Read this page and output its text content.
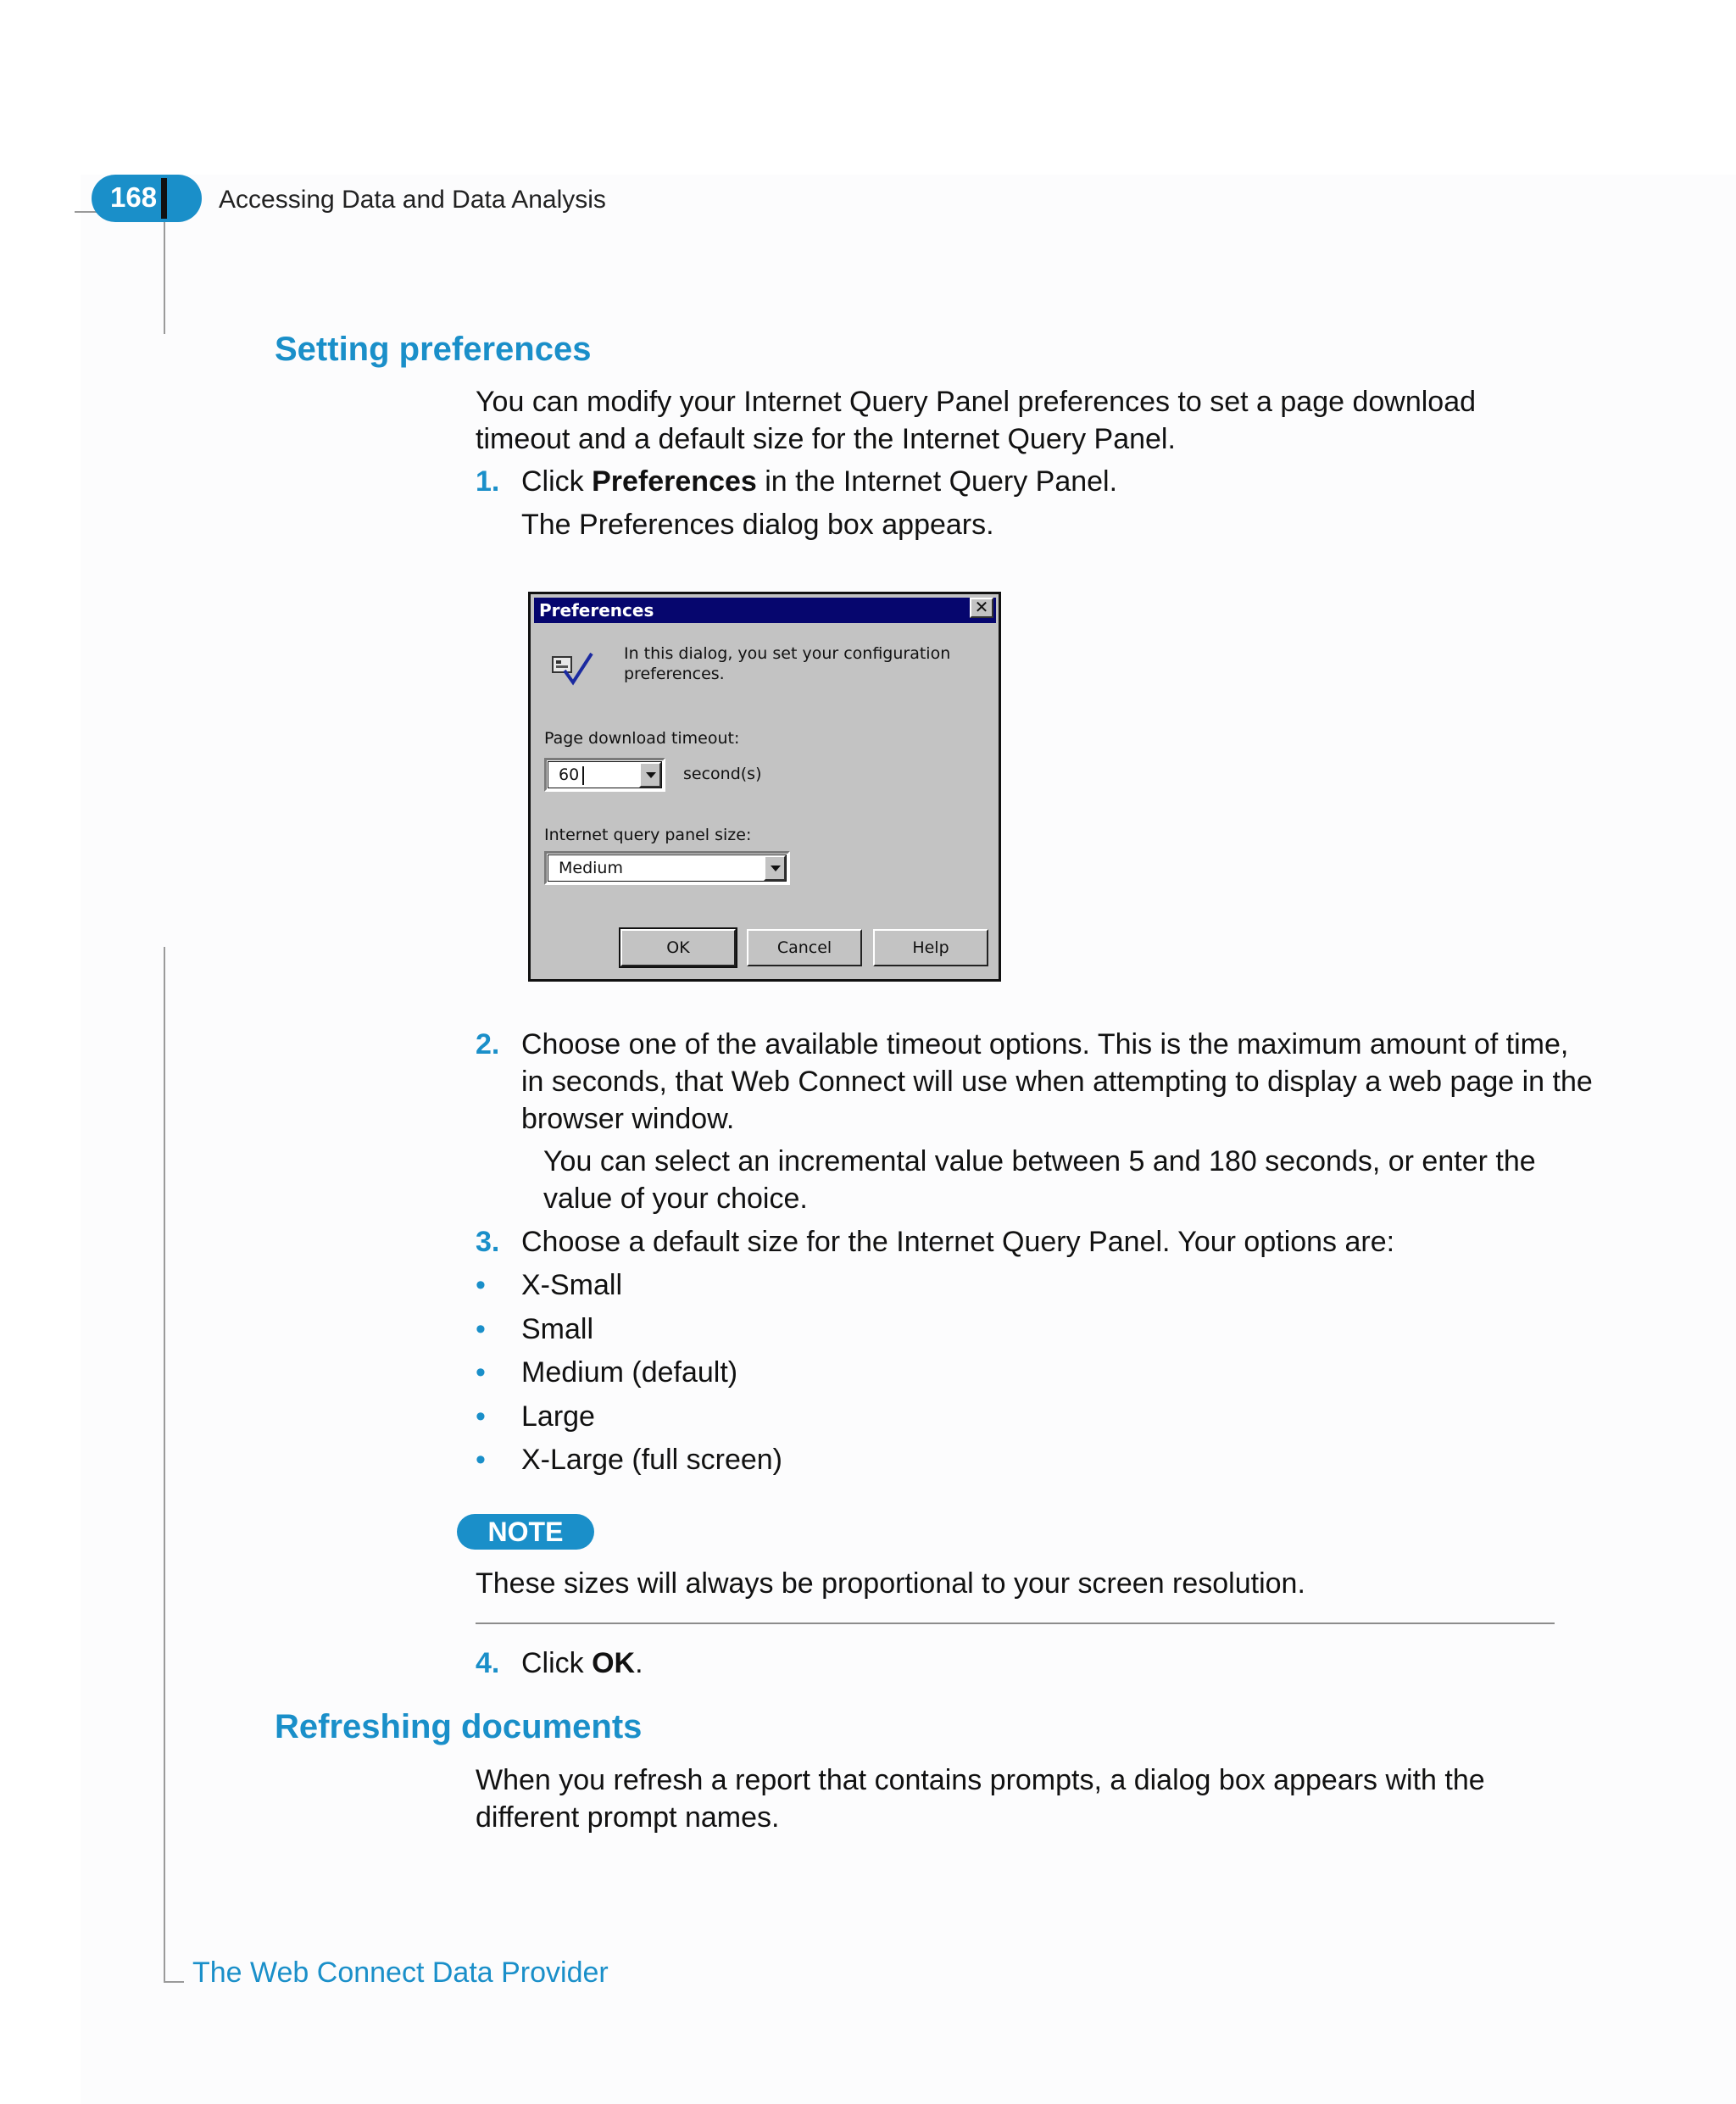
168 Accessing Data and Data Analysis
Setting preferences
You can modify your Internet Query Panel preferences to set a page download timeout and a default size for the Internet Query Panel.
1. Click Preferences in the Internet Query Panel.
The Preferences dialog box appears.
Preferences	✕
In this dialog, you set your configuration preferences.
Page download timeout:
60	second(s)
Internet query panel size:
Medium
OK	Cancel	Help
2. Choose one of the available timeout options. This is the maximum amount of time, in seconds, that Web Connect will use when attempting to display a web page in the browser window.
You can select an incremental value between 5 and 180 seconds, or enter the value of your choice.
3. Choose a default size for the Internet Query Panel. Your options are:
• X-Small
• Small
• Medium (default)
• Large
• X-Large (full screen)
NOTE
These sizes will always be proportional to your screen resolution.
4. Click OK.
Refreshing documents
When you refresh a report that contains prompts, a dialog box appears with the different prompt names.
The Web Connect Data Provider
